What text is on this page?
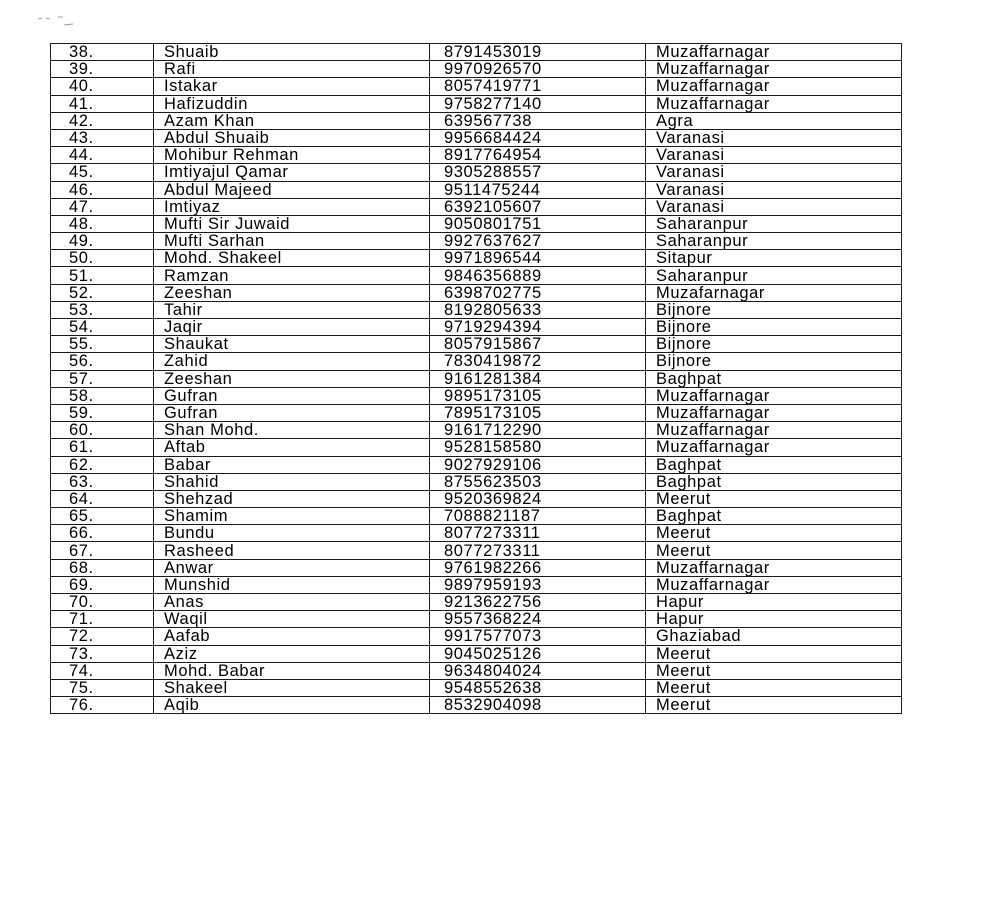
38.	Shuaib	8791453019	Muzaffarnagar
39.	Rafi	9970926570	Muzaffarnagar
40.	Istakar	8057419771	Muzaffarnagar
41.	Hafizuddin	9758277140	Muzaffarnagar
42.	Azam Khan	639567738	Agra
43.	Abdul Shuaib	9956684424	Varanasi
44.	Mohibur Rehman	8917764954	Varanasi
45.	Imtiyajul Qamar	9305288557	Varanasi
46.	Abdul Majeed	9511475244	Varanasi
47.	Imtiyaz	6392105607	Varanasi
48.	Mufti Sir Juwaid	9050801751	Saharanpur
49.	Mufti Sarhan	9927637627	Saharanpur
50.	Mohd. Shakeel	9971896544	Sitapur
51.	Ramzan	9846356889	Saharanpur
52.	Zeeshan	6398702775	Muzafarnagar
53.	Tahir	8192805633	Bijnore
54.	Jaqir	9719294394	Bijnore
55.	Shaukat	8057915867	Bijnore
56.	Zahid	7830419872	Bijnore
57.	Zeeshan	9161281384	Baghpat
58.	Gufran	9895173105	Muzaffarnagar
59.	Gufran	7895173105	Muzaffarnagar
60.	Shan Mohd.	9161712290	Muzaffarnagar
61.	Aftab	9528158580	Muzaffarnagar
62.	Babar	9027929106	Baghpat
63.	Shahid	8755623503	Baghpat
64.	Shehzad	9520369824	Meerut
65.	Shamim	7088821187	Baghpat
66.	Bundu	8077273311	Meerut
67.	Rasheed	8077273311	Meerut
68.	Anwar	9761982266	Muzaffarnagar
69.	Munshid	9897959193	Muzaffarnagar
70.	Anas	9213622756	Hapur
71.	Waqil	9557368224	Hapur
72.	Aafab	9917577073	Ghaziabad
73.	Aziz	9045025126	Meerut
74.	Mohd. Babar	9634804024	Meerut
75.	Shakeel	9548552638	Meerut
76.	Aqib	8532904098	Meerut
